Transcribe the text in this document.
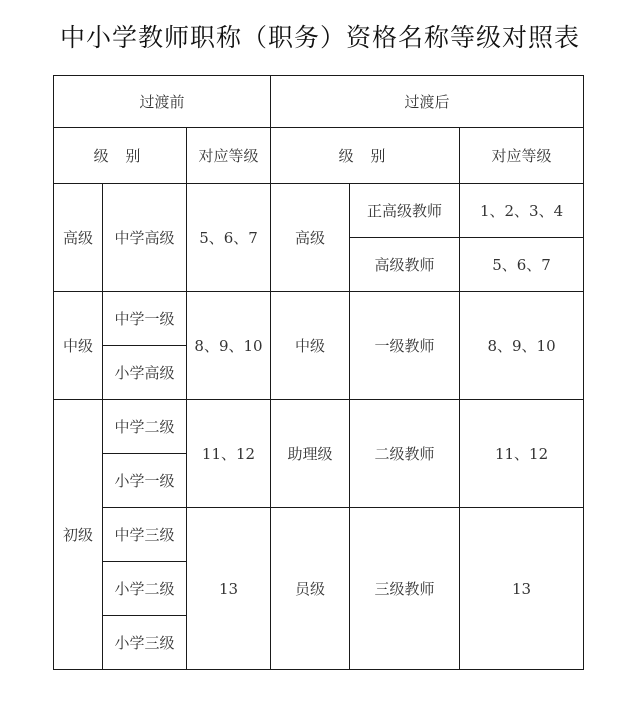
中小学教师职称（职务）资格名称等级对照表
过渡前			过渡后		
级 别		对应等级	级 别		对应等级
高级	中学高级	5、6、7	高级	正高级教师	1、2、3、4
				高级教师	5、6、7
中级	中学一级	8、9、10	中级	一级教师	8、9、10
	小学高级				
初级	中学二级	11、12	助理级	二级教师	11、12
	小学一级				
	中学三级	13	员级	三级教师	13
	小学二级				
	小学三级				
